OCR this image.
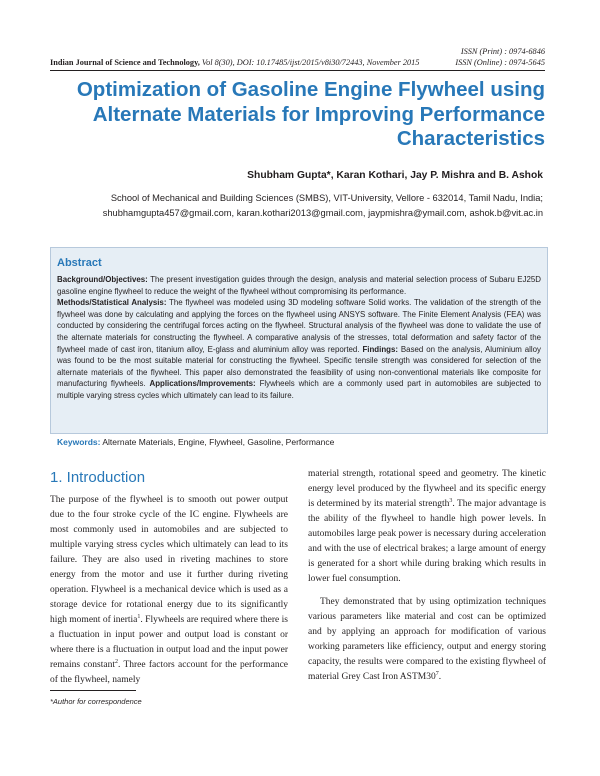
ISSN (Print) : 0974-6846
ISSN (Online) : 0974-5645
Indian Journal of Science and Technology, Vol 8(30), DOI: 10.17485/ijst/2015/v8i30/72443, November 2015
Optimization of Gasoline Engine Flywheel using Alternate Materials for Improving Performance Characteristics
Shubham Gupta*, Karan Kothari, Jay P. Mishra and B. Ashok
School of Mechanical and Building Sciences (SMBS), VIT-University, Vellore - 632014, Tamil Nadu, India;
shubhamgupta457@gmail.com, karan.kothari2013@gmail.com, jaypmishra@ymail.com, ashok.b@vit.ac.in
Abstract
Background/Objectives: The present investigation guides through the design, analysis and material selection process of Subaru EJ25D gasoline engine flywheel to reduce the weight of the flywheel without compromising its performance.
Methods/Statistical Analysis: The flywheel was modeled using 3D modeling software Solid works. The validation of the strength of the flywheel was done by calculating and applying the forces on the flywheel using ANSYS software. The Finite Element Analysis (FEA) was conducted by considering the centrifugal forces acting on the flywheel. Structural analysis of the flywheel was done to validate the use of the alternate materials for constructing the flywheel. A comparative analysis of the stresses, total deformation and safety factor of the flywheel made of cast iron, titanium alloy, E-glass and aluminium alloy was reported. Findings: Based on the analysis, Aluminium alloy was found to be the most suitable material for constructing the flywheel. Specific tensile strength was considered for selection of the alternate materials of the flywheel. This paper also demonstrated the feasibility of using non-conventional materials like composite for manufacturing flywheels. Applications/Improvements: Flywheels which are a commonly used part in automobiles are subjected to multiple varying stress cycles which ultimately can lead to its failure.
Keywords: Alternate Materials, Engine, Flywheel, Gasoline, Performance
1. Introduction

The purpose of the flywheel is to smooth out power output due to the four stroke cycle of the IC engine. Flywheels are most commonly used in automobiles and are subjected to multiple varying stress cycles which ultimately can lead to its failure. They are also used in riveting machines to store energy from the motor and use it further during riveting operation. Flywheel is a mechanical device which is used as a storage device for rotational energy due to its significantly high moment of inertia$^1$. Flywheels are required where there is a fluctuation in input power and output load is constant or where there is a fluctuation in output load and the input power remains constant$^2$. Three factors account for the performance of the flywheel, namely

material strength, rotational speed and geometry. The kinetic energy level produced by the flywheel and its specific energy is determined by its material strength$^3$. The major advantage is the ability of the flywheel to handle high power levels. In automobiles large peak power is necessary during acceleration and with the use of electrical brakes; a large amount of energy is generated for a short while during braking which results in lower fuel consumption.

They demonstrated that by using optimization techniques various parameters like material and cost can be optimized and by applying an approach for modification of various working parameters like efficiency, output and energy storing capacity, the results were compared to the existing flywheel of material Grey Cast Iron $ASTM30^7$.

*Author for correspondence
